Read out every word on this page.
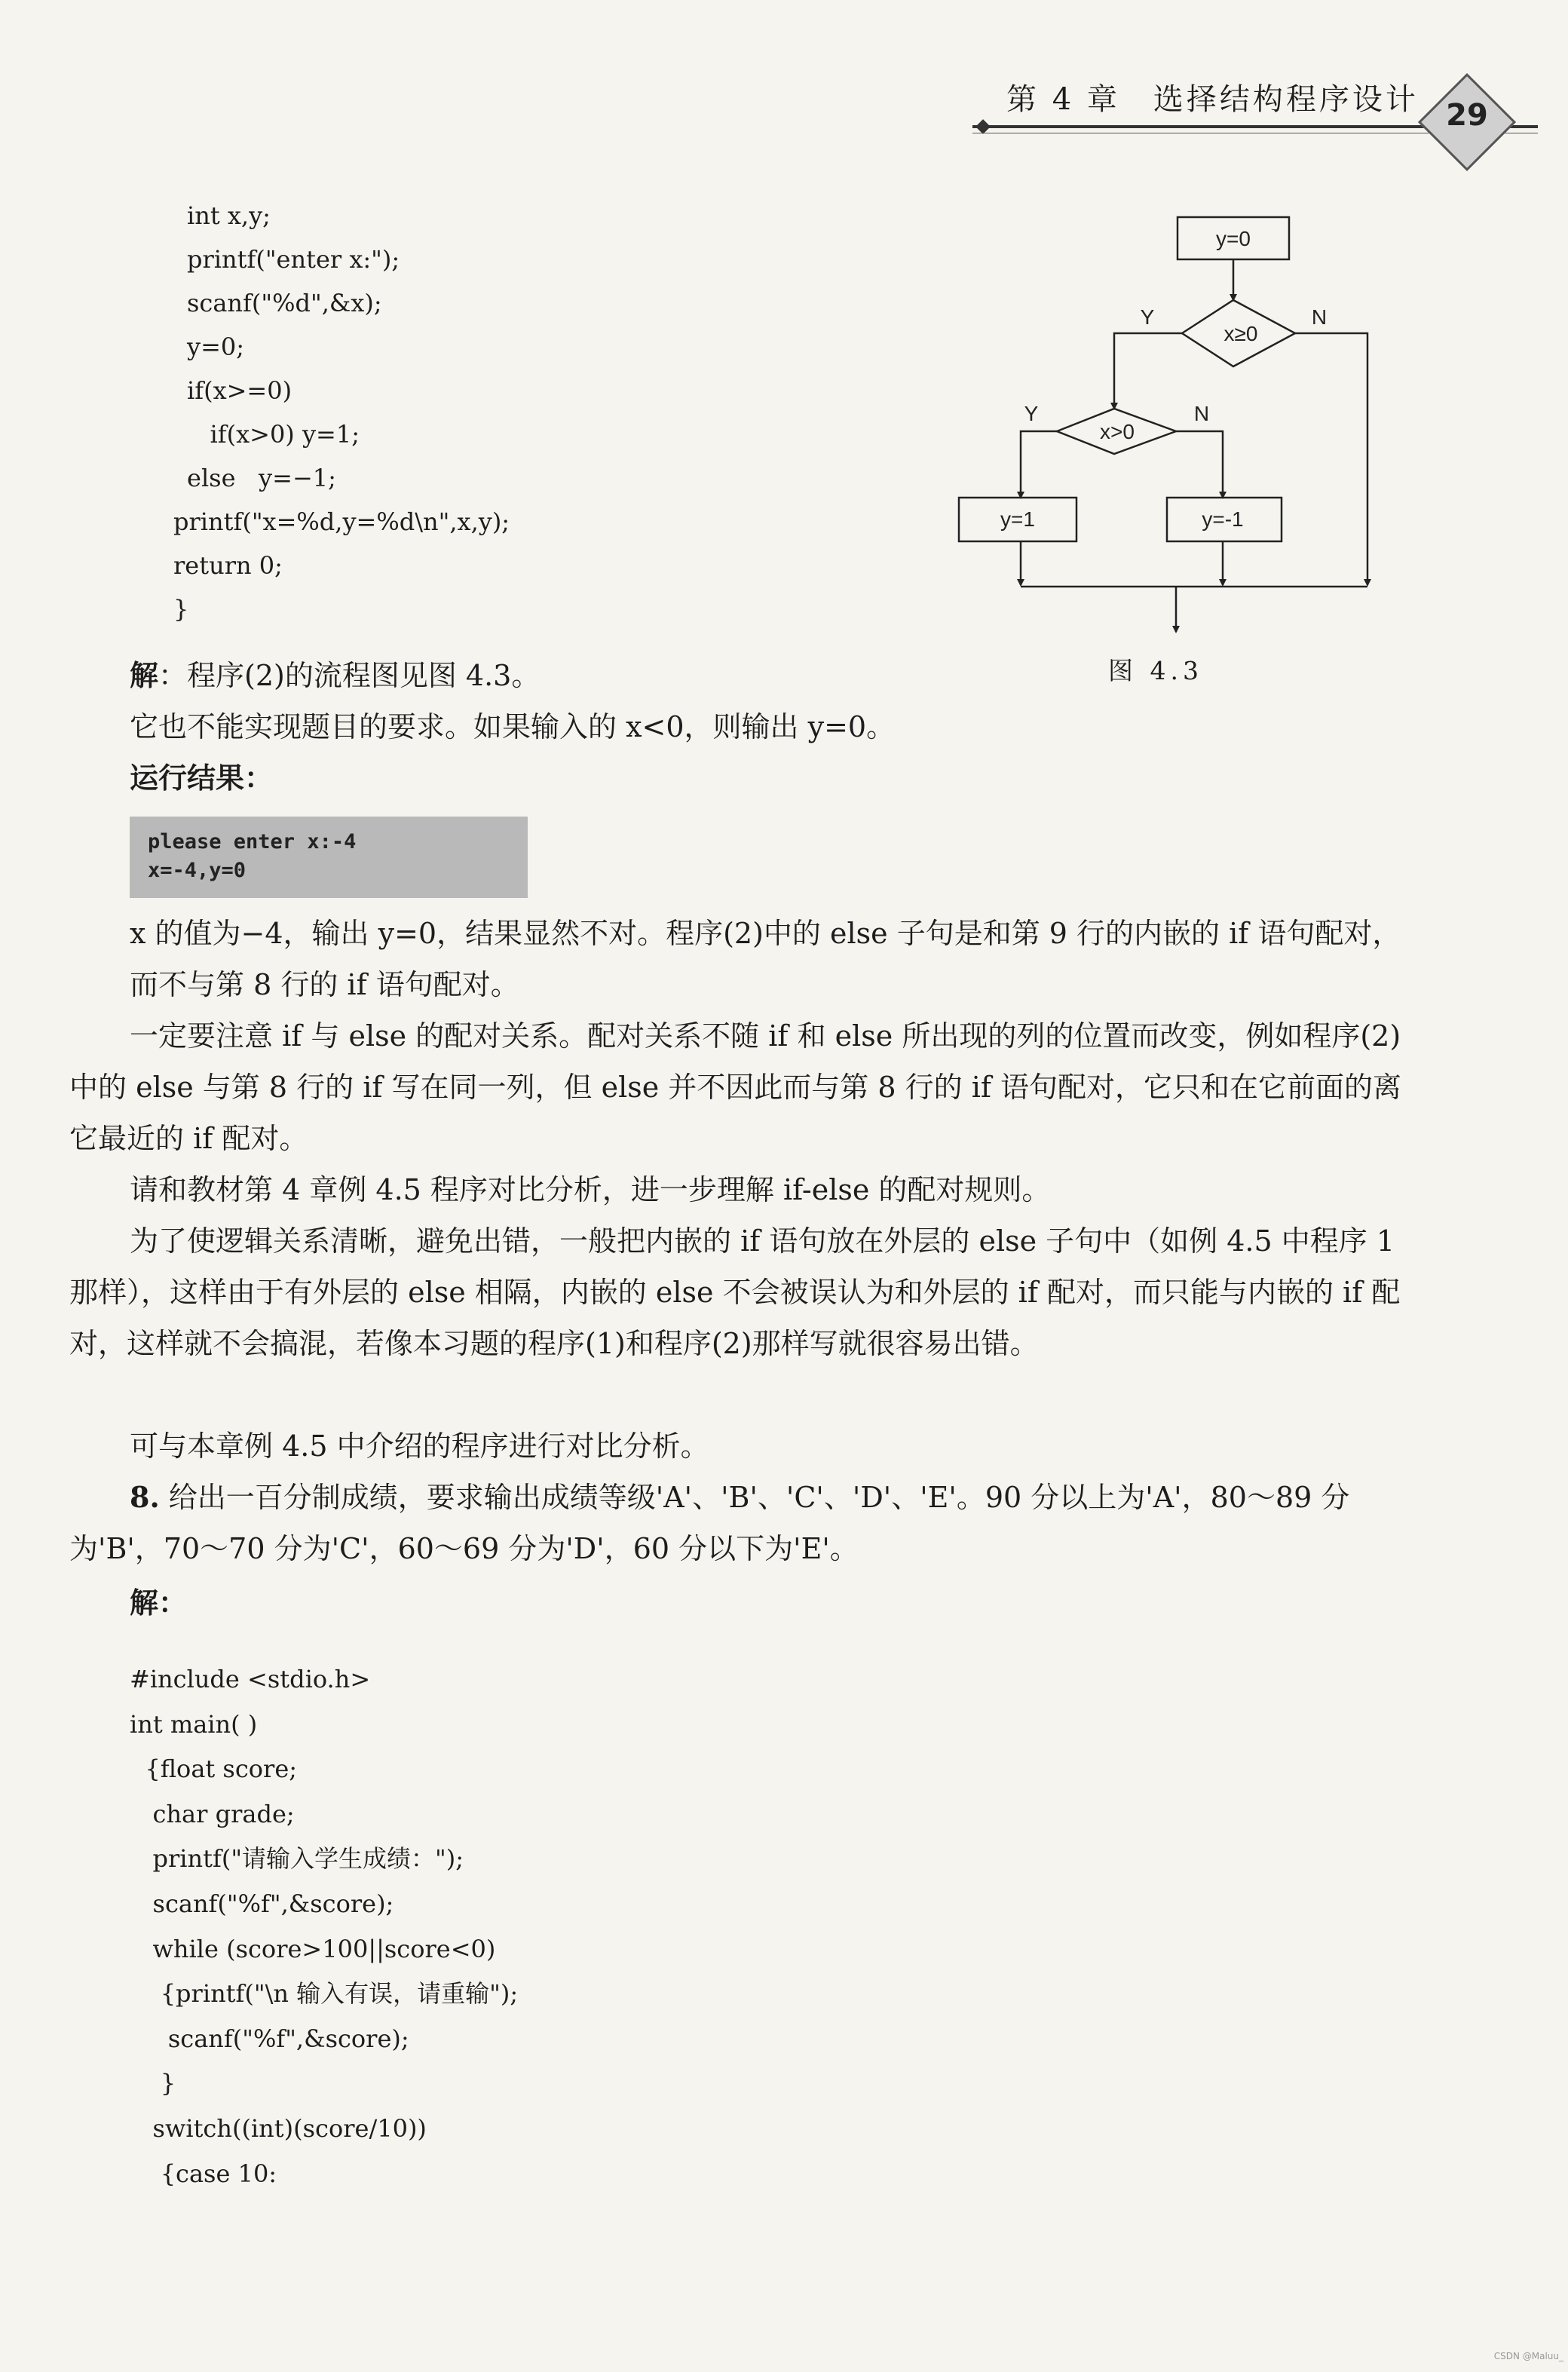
第 4 章　选择结构程序设计 29
int x,y;
printf("enter x:");
scanf("%d",&x);
y=0;
if(x>=0)
if(x>0) y=1;
else   y=−1;
printf("x=%d,y=%d\n",x,y);
return 0;
}
y=0
x≥0
Y	N
x>0
Y	N
y=1	y=-1
图 4.3

解：程序(2)的流程图见图 4.3。

它也不能实现题目的要求。如果输入的 x<0，则输出 y=0。

运行结果：

please enter x:-4
x=-4,y=0

x 的值为−4，输出 y=0，结果显然不对。程序(2)中的 else 子句是和第 9 行的内嵌的 if 语句配对，而不与第 8 行的 if 语句配对。

一定要注意 if 与 else 的配对关系。配对关系不随 if 和 else 所出现的列的位置而改变，例如程序(2)中的 else 与第 8 行的 if 写在同一列，但 else 并不因此而与第 8 行的 if 语句配对，它只和在它前面的离它最近的 if 配对。

请和教材第 4 章例 4.5 程序对比分析，进一步理解 if-else 的配对规则。

为了使逻辑关系清晰，避免出错，一般把内嵌的 if 语句放在外层的 else 子句中（如例 4.5 中程序 1 那样），这样由于有外层的 else 相隔，内嵌的 else 不会被误认为和外层的 if 配对，而只能与内嵌的 if 配对，这样就不会搞混，若像本习题的程序(1)和程序(2)那样写就很容易出错。

可与本章例 4.5 中介绍的程序进行对比分析。

8. 给出一百分制成绩，要求输出成绩等级'A'、'B'、'C'、'D'、'E'。90 分以上为'A'，80～89 分为'B'，70～70 分为'C'，60～69 分为'D'，60 分以下为'E'。

解：

#include <stdio.h>
int main( )
{float score;
char grade;
printf("请输入学生成绩：");
scanf("%f",&score);
while (score>100||score<0)
{printf("\n 输入有误，请重输");
scanf("%f",&score);
}
switch((int)(score/10))
{case 10:
CSDN @Maluu_
